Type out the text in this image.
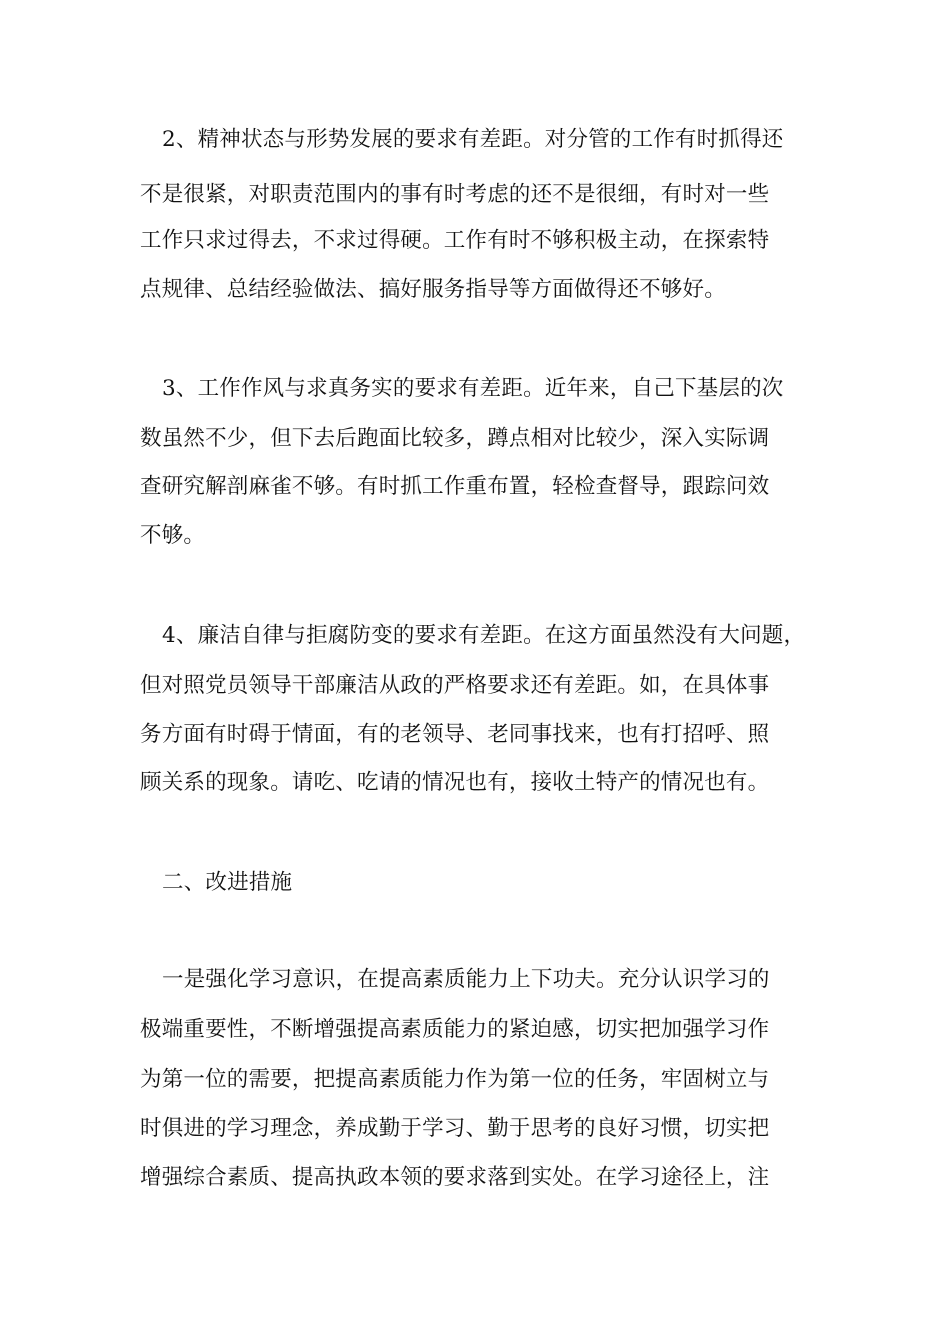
2、精神状态与形势发展的要求有差距。对分管的工作有时抓得还
不是很紧，对职责范围内的事有时考虑的还不是很细，有时对一些
工作只求过得去，不求过得硬。工作有时不够积极主动，在探索特
点规律、总结经验做法、搞好服务指导等方面做得还不够好。
3、工作作风与求真务实的要求有差距。近年来，自己下基层的次
数虽然不少，但下去后跑面比较多，蹲点相对比较少，深入实际调
查研究解剖麻雀不够。有时抓工作重布置，轻检查督导，跟踪问效
不够。
4、廉洁自律与拒腐防变的要求有差距。在这方面虽然没有大问题，
但对照党员领导干部廉洁从政的严格要求还有差距。如，在具体事
务方面有时碍于情面，有的老领导、老同事找来，也有打招呼、照
顾关系的现象。请吃、吃请的情况也有，接收土特产的情况也有。
二、改进措施
一是强化学习意识，在提高素质能力上下功夫。充分认识学习的
极端重要性，不断增强提高素质能力的紧迫感，切实把加强学习作
为第一位的需要，把提高素质能力作为第一位的任务，牢固树立与
时俱进的学习理念，养成勤于学习、勤于思考的良好习惯，切实把
增强综合素质、提高执政本领的要求落到实处。在学习途径上，注
